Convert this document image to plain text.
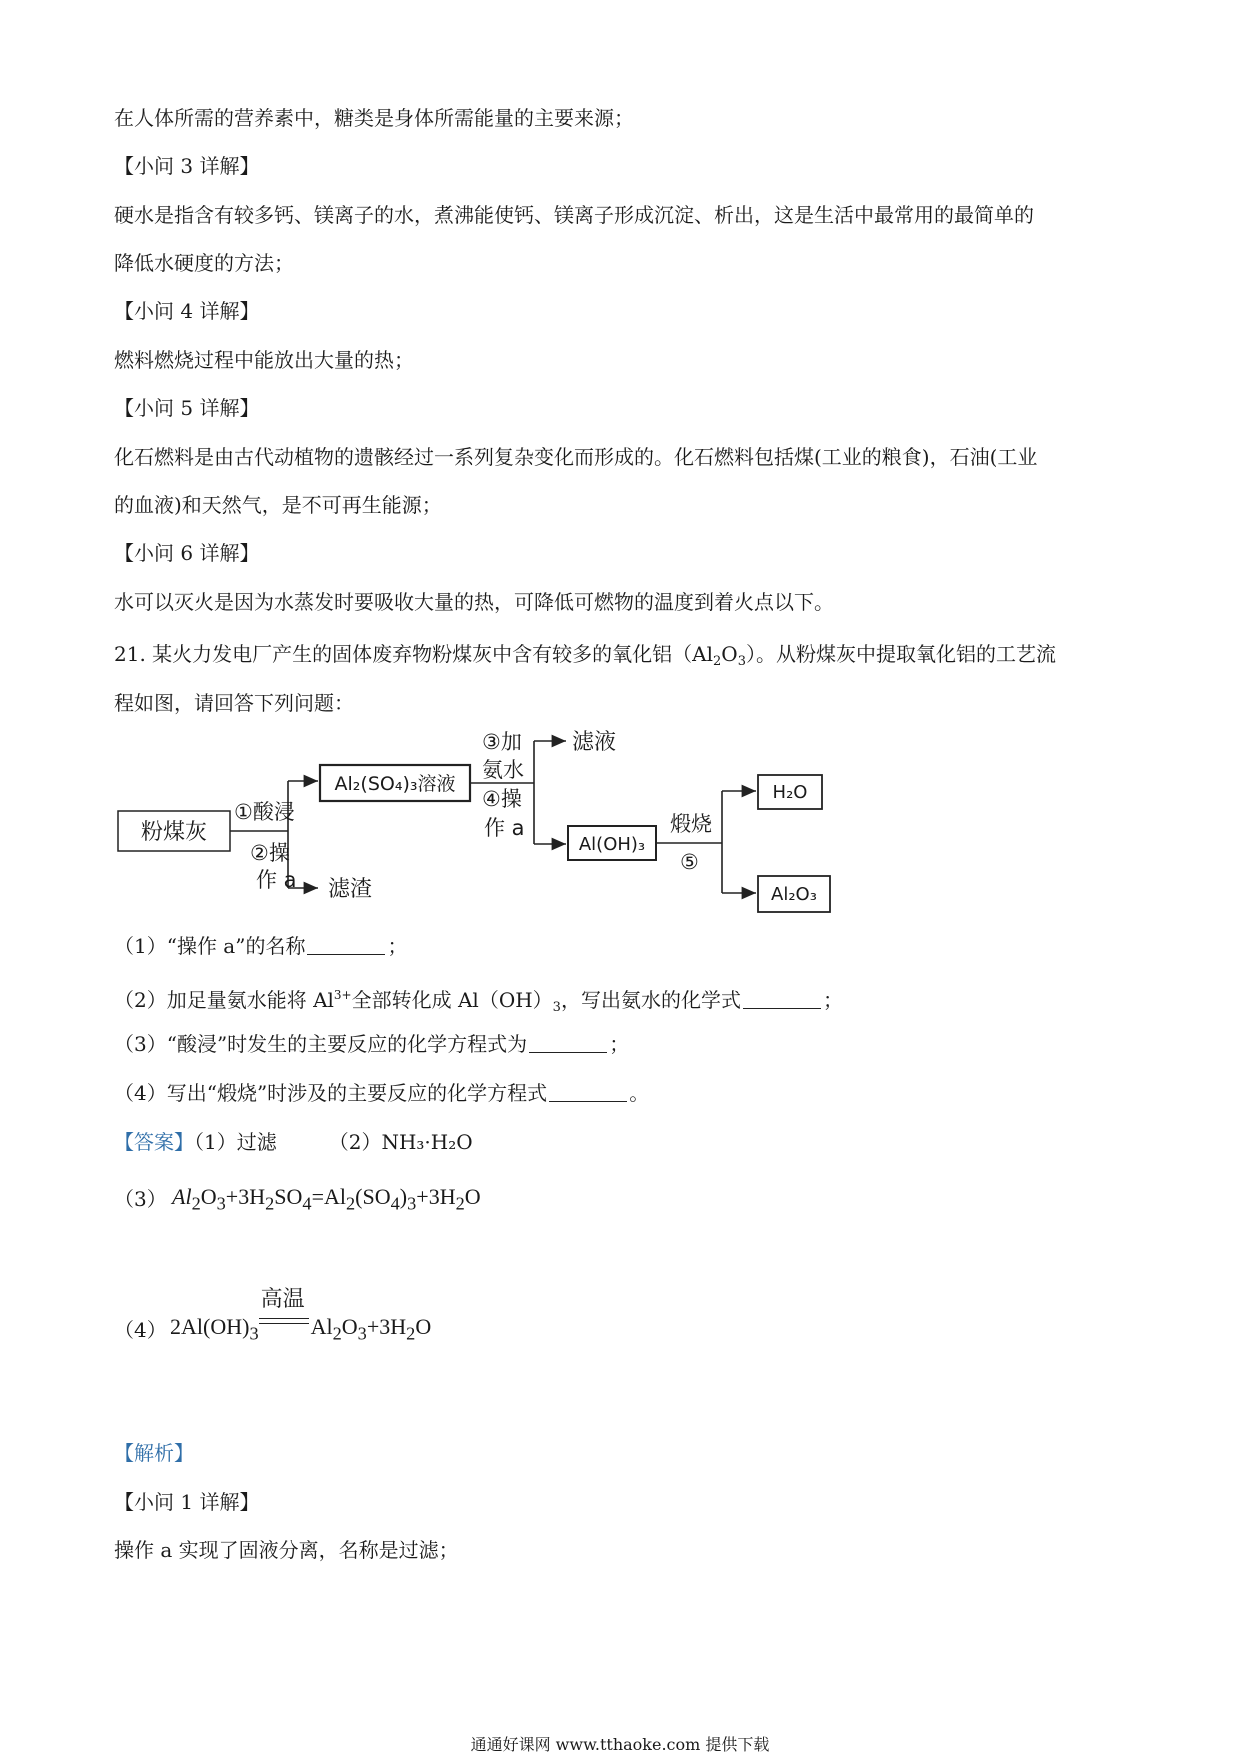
在人体所需的营养素中，糖类是身体所需能量的主要来源；
【小问 3 详解】
硬水是指含有较多钙、镁离子的水，煮沸能使钙、镁离子形成沉淀、析出，这是生活中最常用的最简单的
降低水硬度的方法；
【小问 4 详解】
燃料燃烧过程中能放出大量的热；
【小问 5 详解】
化石燃料是由古代动植物的遗骸经过一系列复杂变化而形成的。化石燃料包括煤(工业的粮食)，石油(工业
的血液)和天然气，是不可再生能源；
【小问 6 详解】
水可以灭火是因为水蒸发时要吸收大量的热，可降低可燃物的温度到着火点以下。
21. 某火力发电厂产生的固体废弃物粉煤灰中含有较多的氧化铝$(Al_2O_3)$。从粉煤灰中提取氧化铝的工艺流
程如图，请回答下列问题：
粉煤灰
①酸浸
②操
作 a 滤渣
Al₂(SO₄)₃溶液
③加
氨水
④操
作 a
滤液
Al(OH)₃
煅烧
⑤
H₂O
Al₂O₃
（1）“操作 a”的名称	；
（2）加足量氨水能将 $Al^{3+}$全部转化成 $Al(OH)_3$，写出氨水的化学式	；
（3）“酸浸”时发生的主要反应的化学方程式为	；
（4）写出“煅烧”时涉及的主要反应的化学方程式	。
【答案】（1）过滤	（2）NH₃·H₂O
（3） $Al_2O_3+3H_2SO_4=Al_2(SO_4)_3+3H_2O$
（4） $2Al(OH)_3$
高温
$Al_2O_3+3H_2O$
【解析】
【小问 1 详解】
操作 a 实现了固液分离，名称是过滤；
通通好课网 www.tthaoke.com 提供下载
